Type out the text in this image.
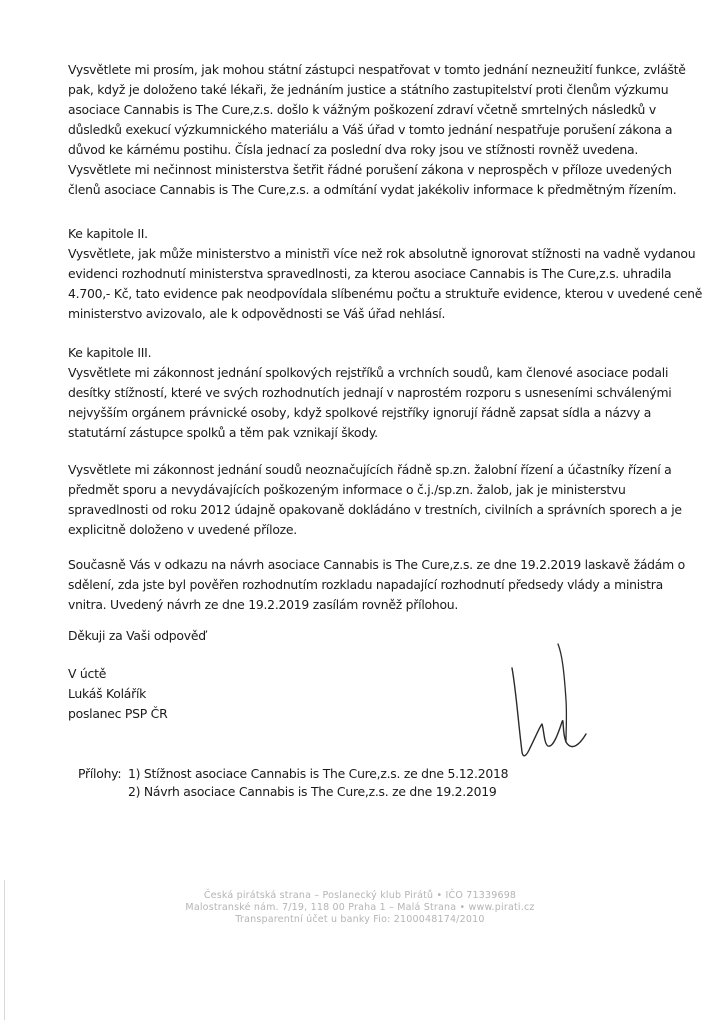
Vysvětlete mi prosím, jak mohou státní zástupci nespatřovat v tomto jednání nezneužití funkce, zvláště
pak, když je doloženo také lékaři, že jednáním justice a státního zastupitelství proti členům výzkumu
asociace Cannabis is The Cure,z.s. došlo k vážným poškození zdraví včetně smrtelných následků v
důsledků exekucí výzkumnického materiálu a Váš úřad v tomto jednání nespatřuje porušení zákona a
důvod ke kárnému postihu. Čísla jednací za poslední dva roky jsou ve stížnosti rovněž uvedena.
Vysvětlete mi nečinnost ministerstva šetřit řádné porušení zákona v neprospěch v příloze uvedených
členů asociace Cannabis is The Cure,z.s. a odmítání vydat jakékoliv informace k předmětným řízením.
Ke kapitole II.
Vysvětlete, jak může ministerstvo a ministři více než rok absolutně ignorovat stížnosti na vadně vydanou
evidenci rozhodnutí ministerstva spravedlnosti, za kterou asociace Cannabis is The Cure,z.s. uhradila
4.700,- Kč, tato evidence pak neodpovídala slíbenému počtu a struktuře evidence, kterou v uvedené ceně
ministerstvo avizovalo, ale k odpovědnosti se Váš úřad nehlásí.
Ke kapitole III.
Vysvětlete mi zákonnost jednání spolkových rejstříků a vrchních soudů, kam členové asociace podali
desítky stížností, které ve svých rozhodnutích jednají v naprostém rozporu s usneseními schválenými
nejvyšším orgánem právnické osoby, když spolkové rejstříky ignorují řádně zapsat sídla a názvy a
statutární zástupce spolků a těm pak vznikají škody.
Vysvětlete mi zákonnost jednání soudů neoznačujících řádně sp.zn. žalobní řízení a účastníky řízení a
předmět sporu a nevydávajících poškozeným informace o č.j./sp.zn. žalob, jak je ministerstvu
spravedlnosti od roku 2012 údajně opakovaně dokládáno v trestních, civilních a správních sporech a je
explicitně doloženo v uvedené příloze.
Současně Vás v odkazu na návrh asociace Cannabis is The Cure,z.s. ze dne 19.2.2019 laskavě žádám o
sdělení, zda jste byl pověřen rozhodnutím rozkladu napadající rozhodnutí předsedy vlády a ministra
vnitra. Uvedený návrh ze dne 19.2.2019 zasílám rovněž přílohou.
Děkuji za Vaši odpověď
V úctě
Lukáš Kolářík
poslanec PSP ČR
Přílohy: 1) Stížnost asociace Cannabis is The Cure,z.s. ze dne 5.12.2018
2) Návrh asociace Cannabis is The Cure,z.s. ze dne 19.2.2019
Česká pirátská strana – Poslanecký klub Pirátů • IČO 71339698
Malostranské nám. 7/19, 118 00 Praha 1 – Malá Strana • www.pirati.cz
Transparentní účet u banky Fio: 2100048174/2010
